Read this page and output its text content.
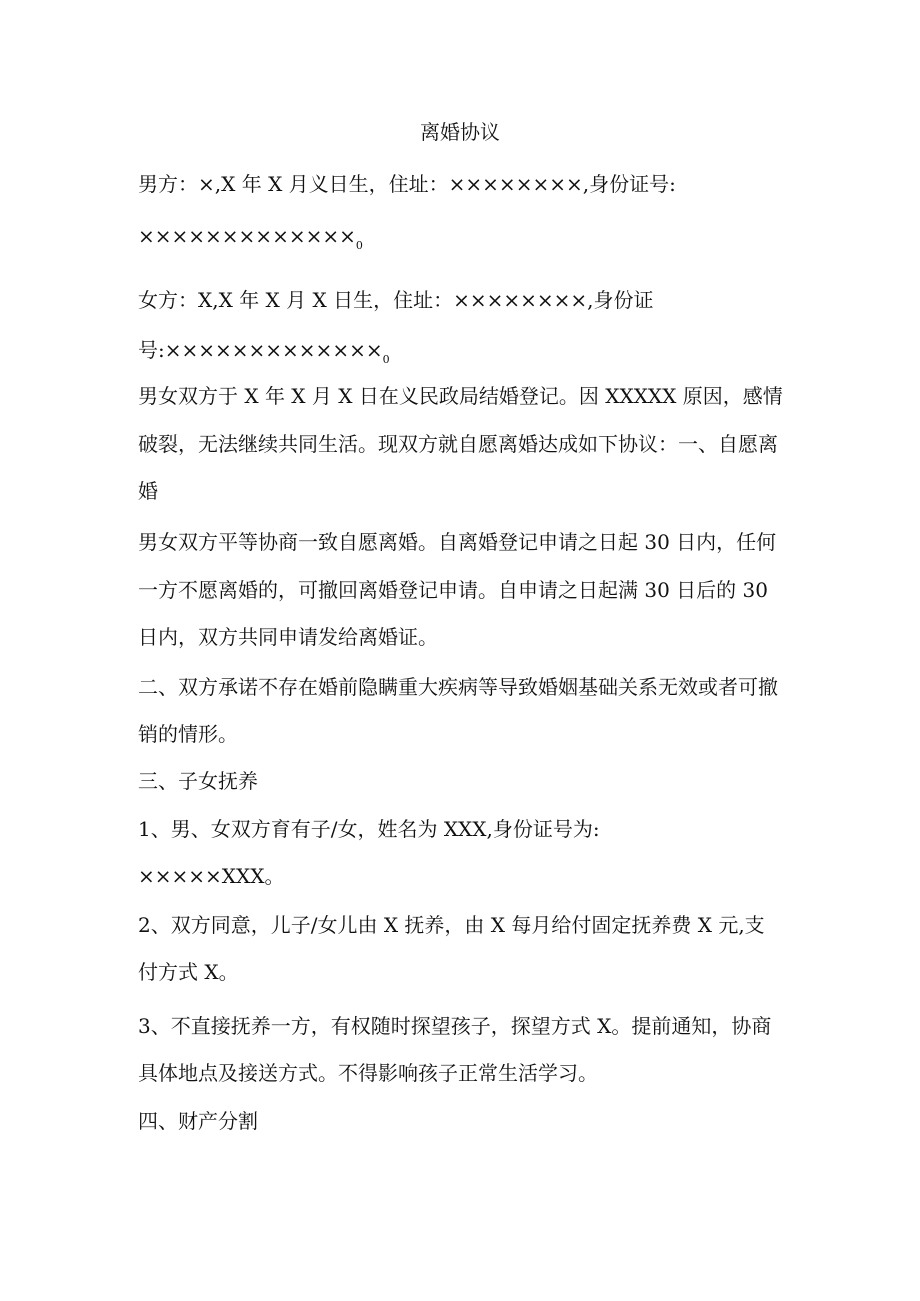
离婚协议
男方：×,X 年 X 月义日生，住址：××××××××,身份证号:
$\times\times\times\times\times\times\times\times\times\times\times\times\times_0$
女方：X,X 年 X 月 X 日生，住址：××××××××,身份证
号$:\times\times\times\times\times\times\times\times\times\times\times\times\times_0$
男女双方于 X 年 X 月 X 日在义民政局结婚登记。因 XXXXX 原因，感情
破裂，无法继续共同生活。现双方就自愿离婚达成如下协议：一、自愿离
婚
男女双方平等协商一致自愿离婚。自离婚登记申请之日起 30 日内，任何
一方不愿离婚的，可撤回离婚登记申请。自申请之日起满 30 日后的 30
日内，双方共同申请发给离婚证。
二、双方承诺不存在婚前隐瞒重大疾病等导致婚姻基础关系无效或者可撤
销的情形。
三、子女抚养
1、男、女双方育有子/女，姓名为 XXX,身份证号为:
×××××XXX。
2、双方同意，儿子/女儿由 X 抚养，由 X 每月给付固定抚养费 X 元,支
付方式 X。
3、不直接抚养一方，有权随时探望孩子，探望方式 X。提前通知，协商
具体地点及接送方式。不得影响孩子正常生活学习。
四、财产分割
